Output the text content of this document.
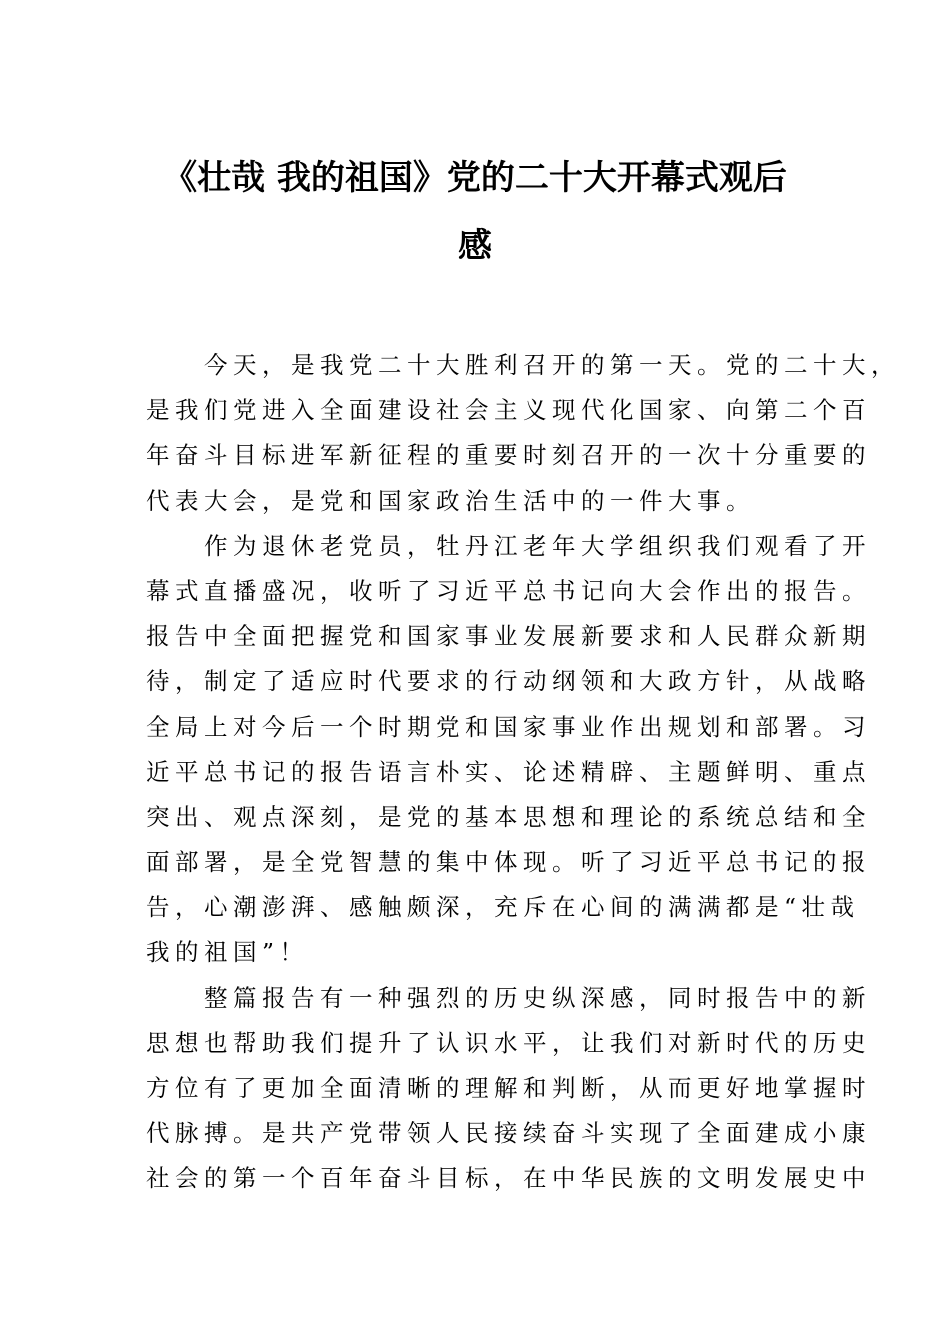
《壮哉 我的祖国》党的二十大开幕式观后
感

　　今天，是我党二十大胜利召开的第一天。党的二十大，
是我们党进入全面建设社会主义现代化国家、向第二个百
年奋斗目标进军新征程的重要时刻召开的一次十分重要的
代表大会，是党和国家政治生活中的一件大事。

　　作为退休老党员，牡丹江老年大学组织我们观看了开
幕式直播盛况，收听了习近平总书记向大会作出的报告。
报告中全面把握党和国家事业发展新要求和人民群众新期
待，制定了适应时代要求的行动纲领和大政方针，从战略
全局上对今后一个时期党和国家事业作出规划和部署。习
近平总书记的报告语言朴实、论述精辟、主题鲜明、重点
突出、观点深刻，是党的基本思想和理论的系统总结和全
面部署，是全党智慧的集中体现。听了习近平总书记的报
告，心潮澎湃、感触颇深，充斥在心间的满满都是“壮哉
我的祖国”！

　　整篇报告有一种强烈的历史纵深感，同时报告中的新
思想也帮助我们提升了认识水平，让我们对新时代的历史
方位有了更加全面清晰的理解和判断，从而更好地掌握时
代脉搏。是共产党带领人民接续奋斗实现了全面建成小康
社会的第一个百年奋斗目标，在中华民族的文明发展史中
